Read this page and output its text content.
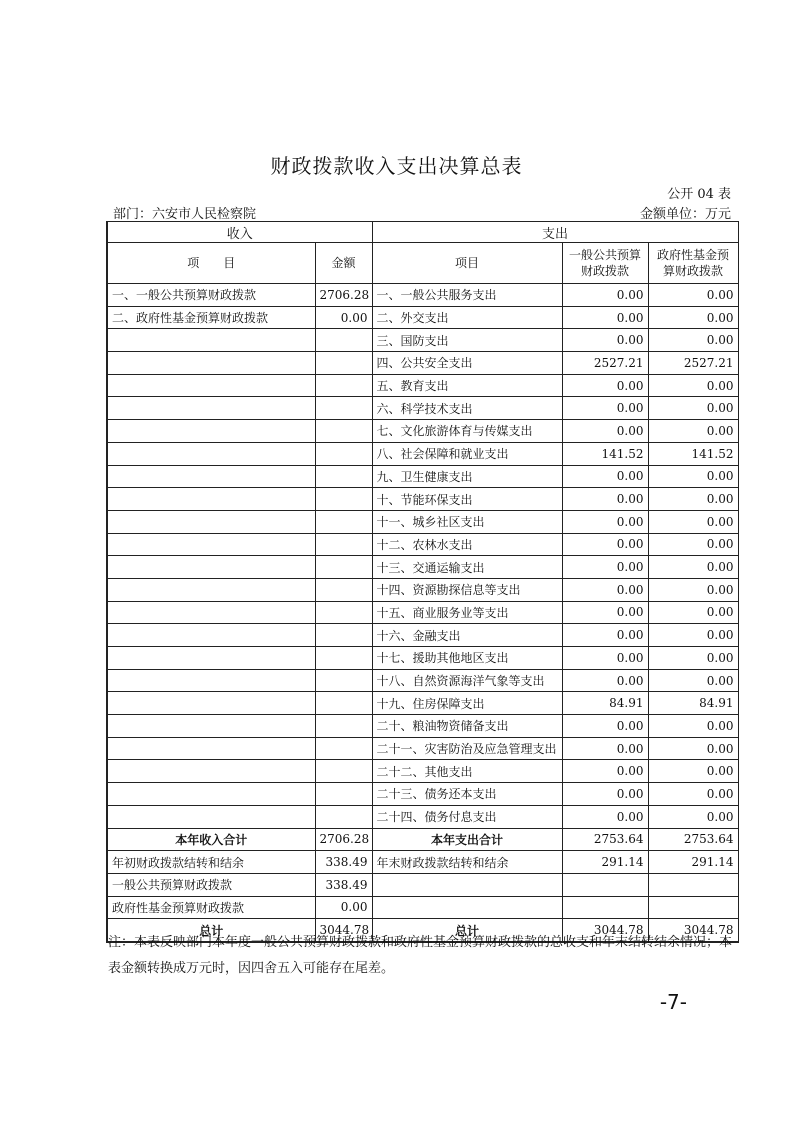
财政拨款收入支出决算总表
公开 04 表
部门：六安市人民检察院	金额单位：万元
收入		支出		
项　　目	金额	项目	一般公共预算财政拨款	政府性基金预算财政拨款
一、一般公共预算财政拨款	2706.28	一、一般公共服务支出	0.00	0.00
二、政府性基金预算财政拨款	0.00	二、外交支出	0.00	0.00
		三、国防支出	0.00	0.00
		四、公共安全支出	2527.21	2527.21
		五、教育支出	0.00	0.00
		六、科学技术支出	0.00	0.00
		七、文化旅游体育与传媒支出	0.00	0.00
		八、社会保障和就业支出	141.52	141.52
		九、卫生健康支出	0.00	0.00
		十、节能环保支出	0.00	0.00
		十一、城乡社区支出	0.00	0.00
		十二、农林水支出	0.00	0.00
		十三、交通运输支出	0.00	0.00
		十四、资源勘探信息等支出	0.00	0.00
		十五、商业服务业等支出	0.00	0.00
		十六、金融支出	0.00	0.00
		十七、援助其他地区支出	0.00	0.00
		十八、自然资源海洋气象等支出	0.00	0.00
		十九、住房保障支出	84.91	84.91
		二十、粮油物资储备支出	0.00	0.00
		二十一、灾害防治及应急管理支出	0.00	0.00
		二十二、其他支出	0.00	0.00
		二十三、债务还本支出	0.00	0.00
		二十四、债务付息支出	0.00	0.00
本年收入合计	2706.28	本年支出合计	2753.64	2753.64
年初财政拨款结转和结余	338.49	年末财政拨款结转和结余	291.14	291.14
一般公共预算财政拨款	338.49			
政府性基金预算财政拨款	0.00			
总计	3044.78	总计	3044.78	3044.78
注：本表反映部门本年度一般公共预算财政拨款和政府性基金预算财政拨款的总收支和年末结转结余情况；本表金额转换成万元时，因四舍五入可能存在尾差。
-7-
